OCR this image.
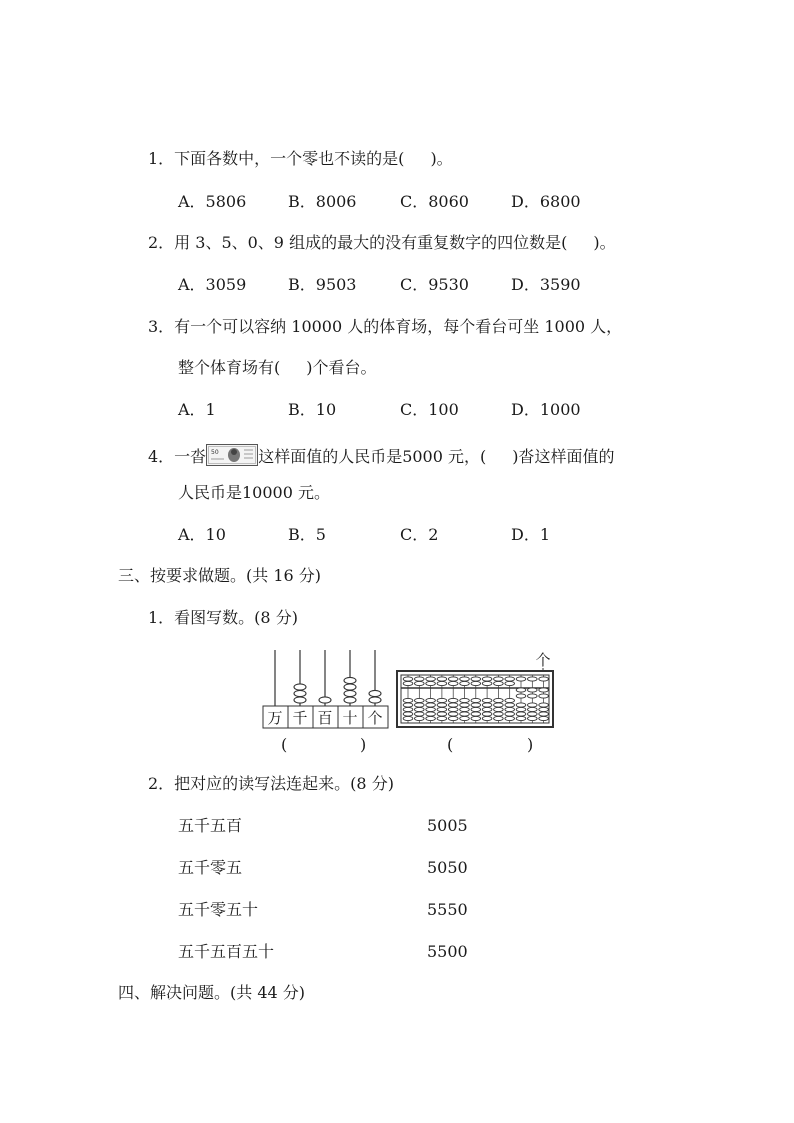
1．下面各数中，一个零也不读的是( )。
A．5806	B．8006	C．8060	D．6800
2．用 3、5、0、9 组成的最大的没有重复数字的四位数是( )。
A．3059	B．9503	C．9530	D．3590
3．有一个可以容纳 10000 人的体育场，每个看台可坐 1000 人，
整个体育场有( )个看台。
A．1	B．10	C．100	D．1000
4．一沓 50 这样面值的人民币是5000 元，( )沓这样面值的
人民币是10000 元。
A．10	B．5	C．2	D．1
三、按要求做题。(共 16 分)
1．看图写数。(8 分)
万 千 百 十 个
个
(	)	(	)
2．把对应的读写法连起来。(8 分)
五千五百
五千零五
五千零五十
五千五百五十
5005
5050
5550
5500
四、解决问题。(共 44 分)
